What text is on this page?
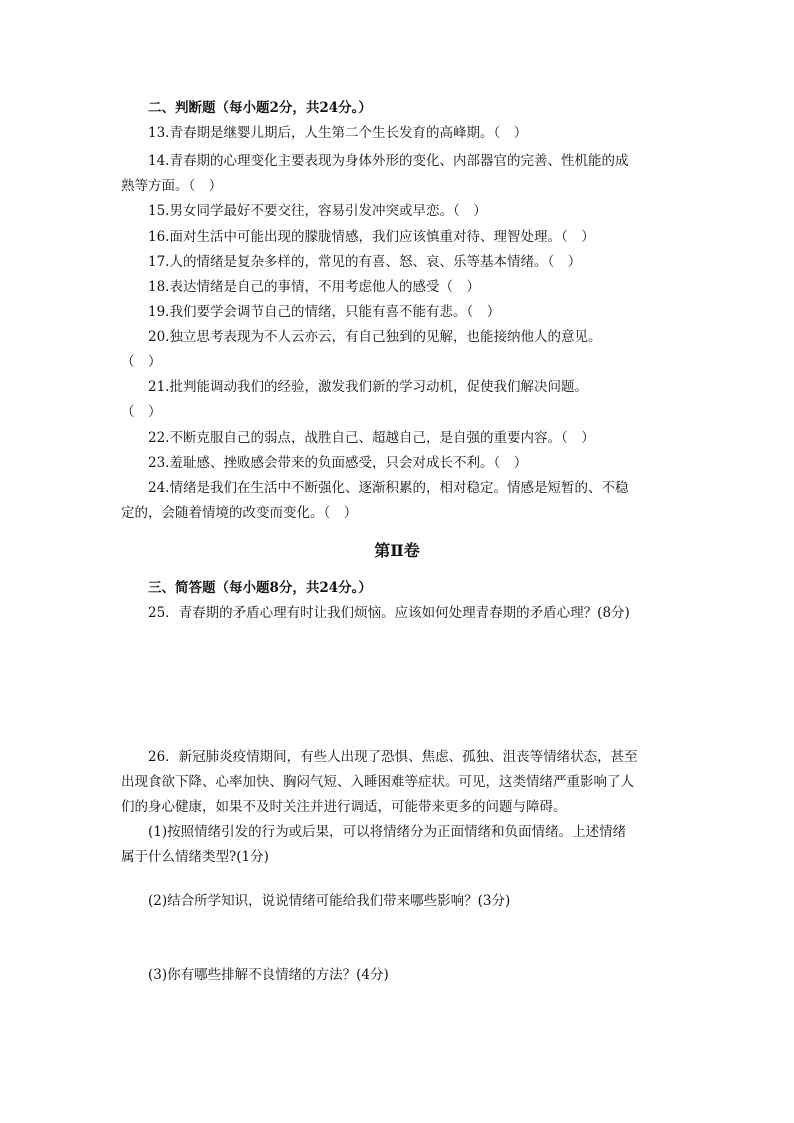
二、判断题（每小题2分，共24分。）
13.青春期是继婴儿期后，人生第二个生长发育的高峰期。（　）
14.青春期的心理变化主要表现为身体外形的变化、内部器官的完善、性机能的成
熟等方面。（　）
15.男女同学最好不要交往，容易引发冲突或早恋。（　）
16.面对生活中可能出现的朦胧情感，我们应该慎重对待、理智处理。（　）
17.人的情绪是复杂多样的，常见的有喜、怒、哀、乐等基本情绪。（　）
18.表达情绪是自己的事情，不用考虑他人的感受（　）
19.我们要学会调节自己的情绪，只能有喜不能有悲。（　）
20.独立思考表现为不人云亦云，有自己独到的见解，也能接纳他人的意见。
（　）
21.批判能调动我们的经验，激发我们新的学习动机，促使我们解决问题。
（　）
22.不断克服自己的弱点，战胜自己、超越自己，是自强的重要内容。（　）
23.羞耻感、挫败感会带来的负面感受，只会对成长不利。（　）
24.情绪是我们在生活中不断强化、逐渐积累的，相对稳定。情感是短暂的、不稳
定的，会随着情境的改变而变化。（　）
第Ⅱ卷
三、简答题（每小题8分，共24分。）
25．青春期的矛盾心理有时让我们烦恼。应该如何处理青春期的矛盾心理？(8分)
26．新冠肺炎疫情期间，有些人出现了恐惧、焦虑、孤独、沮丧等情绪状态，甚至
出现食欲下降、心率加快、胸闷气短、入睡困难等症状。可见，这类情绪严重影响了人
们的身心健康，如果不及时关注并进行调适，可能带来更多的问题与障碍。
(1)按照情绪引发的行为或后果，可以将情绪分为正面情绪和负面情绪。上述情绪
属于什么情绪类型?(1分)
(2)结合所学知识，说说情绪可能给我们带来哪些影响？(3分)
(3)你有哪些排解不良情绪的方法？(4分)
